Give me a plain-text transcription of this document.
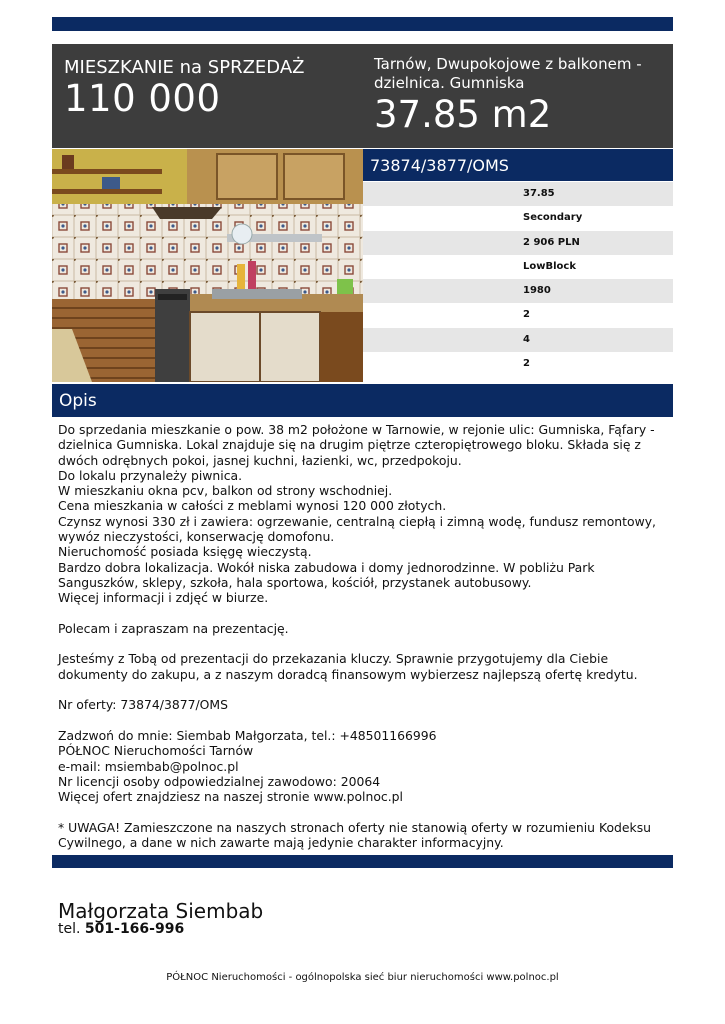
MIESZKANIE na SPRZEDAŻ
110 000
Tarnów, Dwupokojowe z balkonem - dzielnica. Gumniska
37.85 m2
73874/3877/OMS
37.85
Secondary
2 906 PLN
LowBlock
1980
2
4
2
Opis

Do sprzedania mieszkanie o pow. 38 m2 położone w Tarnowie, w rejonie ulic: Gumniska, Fąfary - dzielnica Gumniska. Lokal znajduje się na drugim piętrze czteropiętrowego bloku. Składa się z dwóch odrębnych pokoi, jasnej kuchni, łazienki, wc, przedpokoju.

Do lokalu przynależy piwnica.

W mieszkaniu okna pcv, balkon od strony wschodniej.

Cena mieszkania w całości z meblami wynosi 120 000 złotych.

Czynsz wynosi 330 zł i zawiera: ogrzewanie, centralną ciepłą i zimną wodę, fundusz remontowy, wywóz nieczystości, konserwację domofonu.

Nieruchomość posiada księgę wieczystą.

Bardzo dobra lokalizacja. Wokół niska zabudowa i domy jednorodzinne. W pobliżu Park Sanguszków, sklepy, szkoła, hala sportowa, kościół, przystanek autobusowy.

Więcej informacji i zdjęć w biurze.

Polecam i zapraszam na prezentację.

Jesteśmy z Tobą od prezentacji do przekazania kluczy. Sprawnie przygotujemy dla Ciebie dokumenty do zakupu, a z naszym doradcą finansowym wybierzesz najlepszą ofertę kredytu.

Nr oferty: 73874/3877/OMS

Zadzwoń do mnie: Siembab Małgorzata, tel.: +48501166996

PÓŁNOC Nieruchomości Tarnów

e-mail: msiembab@polnoc.pl

Nr licencji osoby odpowiedzialnej zawodowo: 20064

Więcej ofert znajdziesz na naszej stronie www.polnoc.pl

* UWAGA! Zamieszczone na naszych stronach oferty nie stanowią oferty w rozumieniu Kodeksu Cywilnego, a dane w nich zawarte mają jedynie charakter informacyjny.

Małgorzata Siembab
tel. 501-166-996
PÓŁNOC Nieruchomości - ogólnopolska sieć biur nieruchomości www.polnoc.pl
